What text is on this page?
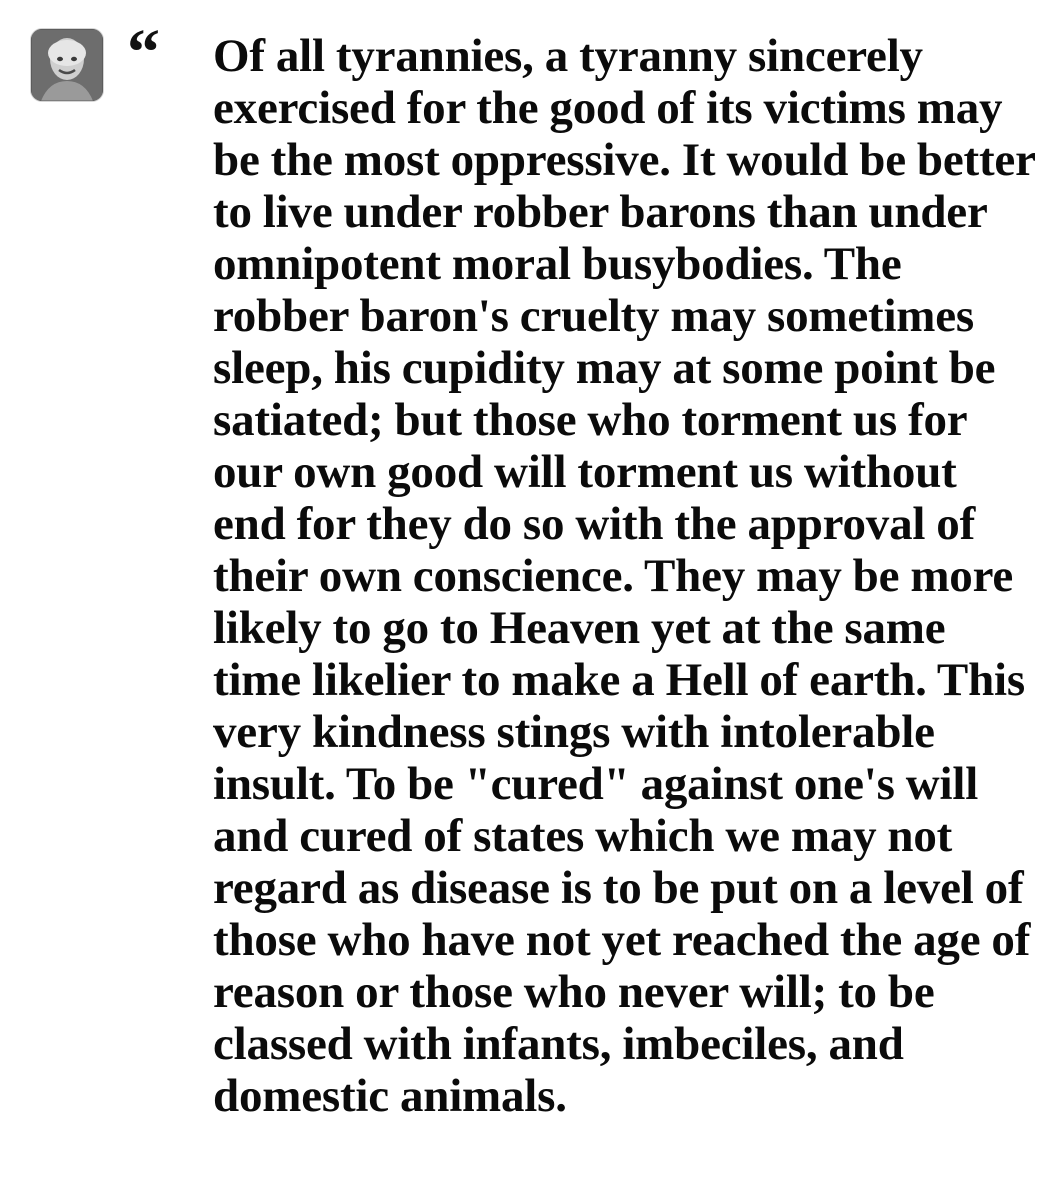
“ Of all tyrannies, a tyranny sincerely exercised for the good of its victims may be the most oppressive. It would be better to live under robber barons than under omnipotent moral busybodies. The robber baron's cruelty may sometimes sleep, his cupidity may at some point be satiated; but those who torment us for our own good will torment us without end for they do so with the approval of their own conscience. They may be more likely to go to Heaven yet at the same time likelier to make a Hell of earth. This very kindness stings with intolerable insult. To be "cured" against one's will and cured of states which we may not regard as disease is to be put on a level of those who have not yet reached the age of reason or those who never will; to be classed with infants, imbeciles, and domestic animals.
